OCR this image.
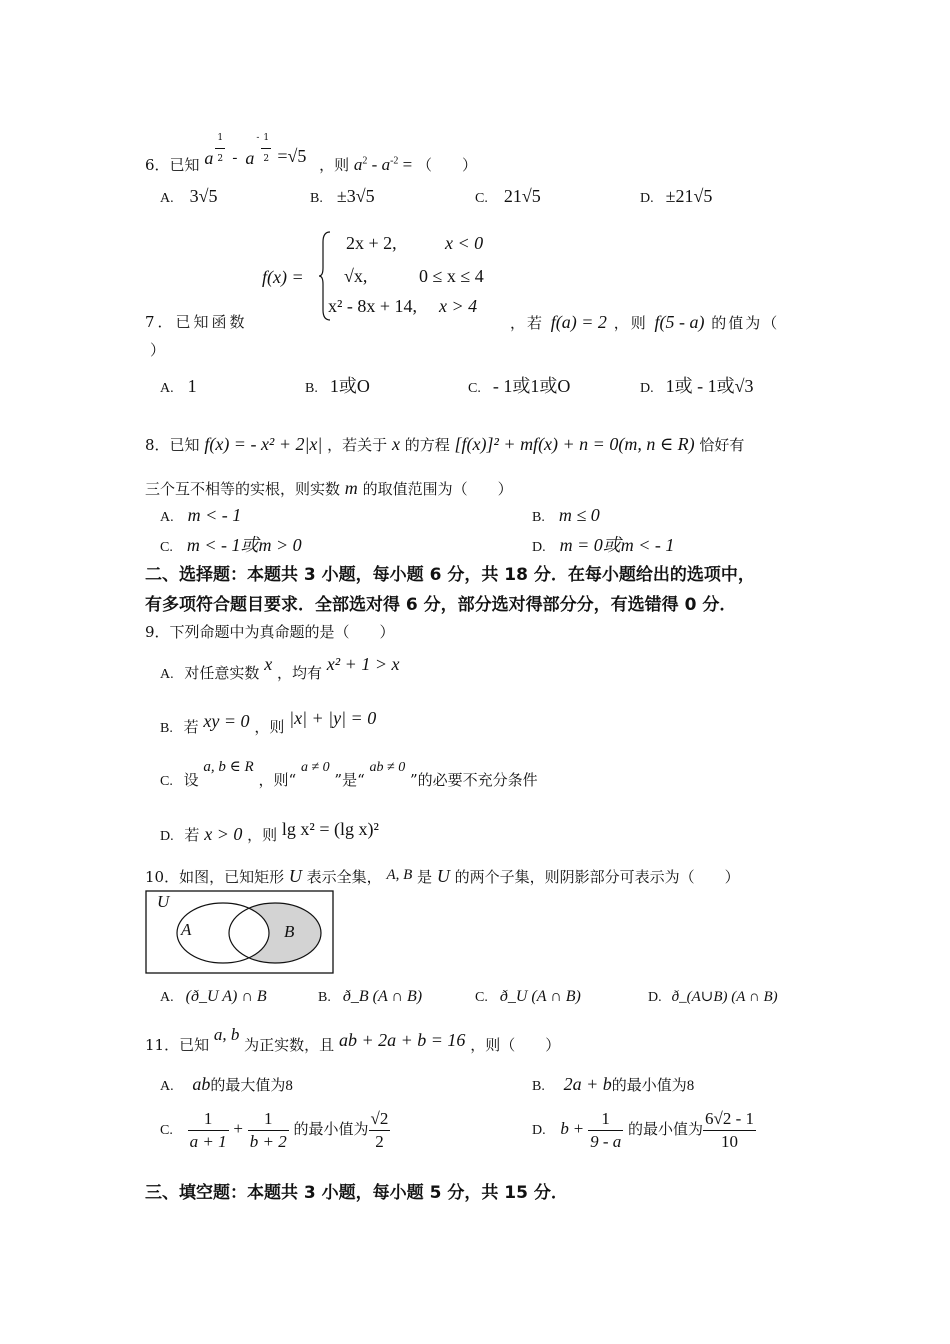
6．已知 a $\frac{1}{2}$ - a
- $\frac{1}{2} =√5$ ，则 $a^2 - a^{-2}$ = （　　）
A. 3√5	B. ±3√5	C. 21√5	D. ±21√5
f(x) =
2x + 2,	x < 0
√x,	0 ≤ x ≤ 4
x² - 8x + 14, x > 4
7．已知函数	，若 f(a) = 2 ，则 f(5 - a) 的值为（
）
A. 1	B. 1或O	C. - 1或1或O	D. 1或 - 1或√3
8．已知 f(x) = - x² + 2|x| ，若关于 x 的方程 [f(x)]² + mf(x) + n = 0(m, n ∈ R) 恰好有
三个互不相等的实根，则实数 m 的取值范围为（　　）
A. m < - 1	B. m ≤ 0
C. m < - 1或m > 0	D. m = 0或m < - 1
二、选择题：本题共 3 小题，每小题 6 分，共 18 分．在每小题给出的选项中，
有多项符合题目要求．全部选对得 6 分，部分选对得部分分，有选错得 0 分．
9．下列命题中为真命题的是（　　）
A. 对任意实数 x ，均有 x² + 1 > x
B. 若 xy = 0 ，则 |x| + |y| = 0
C. 设 a, b ∈ R ，则“ a ≠ 0 ”是“ ab ≠ 0 ”的必要不充分条件
D. 若 x > 0 ，则 lg x² = (lg x)²
10．如图，已知矩形 U 表示全集， A, B 是 U 的两个子集，则阴影部分可表示为（　　）
U
A	B
A. (ð_U A) ∩ B	B. ð_B (A ∩ B)	C. ð_U (A ∩ B)	D. ð_(A∪B) (A ∩ B)
11．已知 a, b 为正实数，且 ab + 2a + b = 16 ，则（　　）
A. ab的最大值为8	B. 2a + b的最小值为8
C. $\frac{1}{a + 1} + \frac{1}{b + 2}$ 的最小值为 $\frac{√2}{2}$	D. $b + \frac{1}{9 - a}$ 的最小值为 $\frac{6√2 - 1}{10}$
三、填空题：本题共 3 小题，每小题 5 分，共 15 分．
